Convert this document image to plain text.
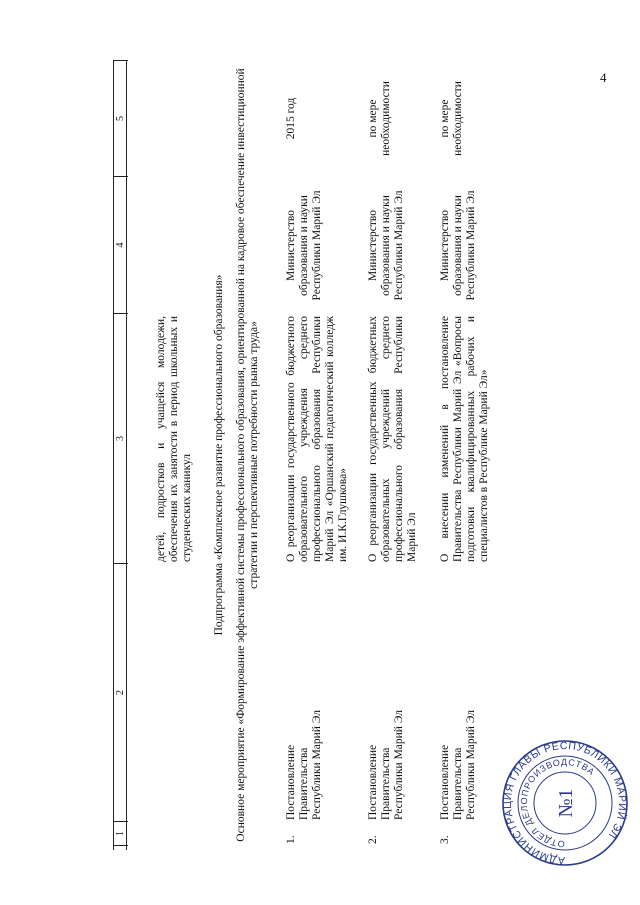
4
1
2
3
4
5
детей, подростков и учащейся молодежи, обеспечения их занятости в период школьных и студенческих каникул Подпрограмма «Комплексное развитие профессионального образования» Основное мероприятие «Формирование эффективной системы профессионального образования, ориентированной на кадровое обеспечение инвестиционной стратегии и перспективные потребности рынка труда»
1.
Постановление Правительства Республики Марий Эл
О реорганизации государственного бюджетного образовательного учреждения среднего профессионального образования Республики Марий Эл «Оршанский педагогический колледж им. И.К.Глушкова»
Министерство образования и науки Республики Марий Эл
2015 год
2.
Постановление Правительства Республики Марий Эл
О реорганизации государственных бюджетных образовательных учреждений среднего профессионального образования Республики Марий Эл
Министерство образования и науки Республики Марий Эл
по мере необходимости
3.
Постановление Правительства Республики Марий Эл
О внесении изменений в постановление Правительства Республики Марий Эл «Вопросы подготовки квалифицированных рабочих и специалистов в Республике Марий Эл»
Министерство образования и науки Республики Марий Эл
по мере необходимости
АДМИНИСТРАЦИЯ ГЛАВЫ РЕСПУБЛИКИ МАРИЙ ЭЛ
ОТДЕЛ ДЕЛОПРОИЗВОДСТВА
№1
